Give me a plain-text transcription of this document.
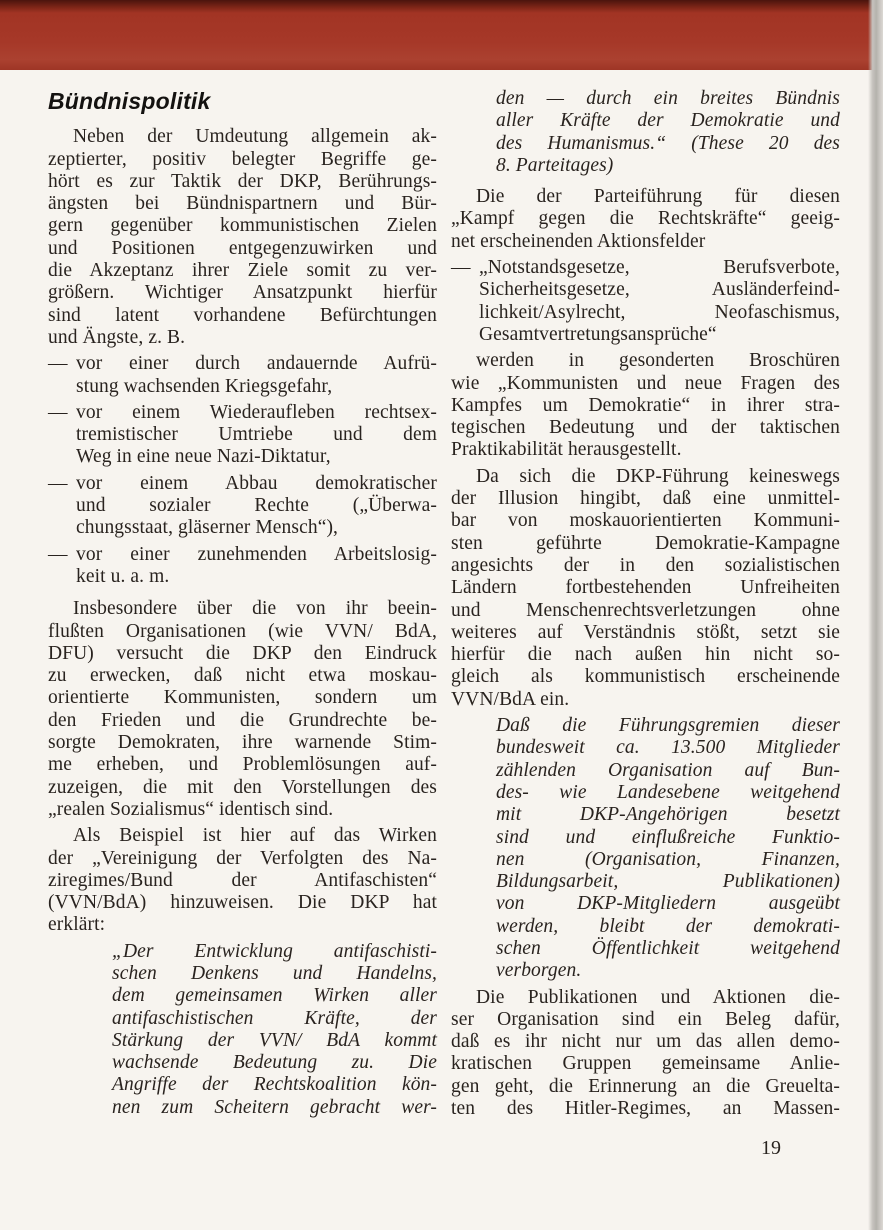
Bündnispolitik
Neben der Umdeutung allgemein ak-
zeptierter, positiv belegter Begriffe ge-
hört es zur Taktik der DKP, Berührungs-
ängsten bei Bündnispartnern und Bür-
gern gegenüber kommunistischen Zielen
und Positionen entgegenzuwirken und
die Akzeptanz ihrer Ziele somit zu ver-
größern. Wichtiger Ansatzpunkt hierfür
sind latent vorhandene Befürchtungen
und Ängste, z. B.
— vor einer durch andauernde Aufrü-
stung wachsenden Kriegsgefahr,
— vor einem Wiederaufleben rechtsex-
tremistischer Umtriebe und dem
Weg in eine neue Nazi-Diktatur,
— vor einem Abbau demokratischer
und sozialer Rechte („Überwa-
chungsstaat, gläserner Mensch“),
— vor einer zunehmenden Arbeitslosig-
keit u. a. m.
Insbesondere über die von ihr beein-
flußten Organisationen (wie VVN/ BdA,
DFU) versucht die DKP den Eindruck
zu erwecken, daß nicht etwa moskau-
orientierte Kommunisten, sondern um
den Frieden und die Grundrechte be-
sorgte Demokraten, ihre warnende Stim-
me erheben, und Problemlösungen auf-
zuzeigen, die mit den Vorstellungen des
„realen Sozialismus“ identisch sind.
Als Beispiel ist hier auf das Wirken
der „Vereinigung der Verfolgten des Na-
ziregimes/Bund der Antifaschisten“
(VVN/BdA) hinzuweisen. Die DKP hat
erklärt:
„Der Entwicklung antifaschisti-
schen Denkens und Handelns,
dem gemeinsamen Wirken aller
antifaschistischen Kräfte, der
Stärkung der VVN/ BdA kommt
wachsende Bedeutung zu. Die
Angriffe der Rechtskoalition kön-
nen zum Scheitern gebracht wer-
den — durch ein breites Bündnis
aller Kräfte der Demokratie und
des Humanismus.“ (These 20 des
8. Parteitages)
Die der Parteiführung für diesen
„Kampf gegen die Rechtskräfte“ geeig-
net erscheinenden Aktionsfelder
— „Notstandsgesetze, Berufsverbote,
Sicherheitsgesetze, Ausländerfeind-
lichkeit/Asylrecht, Neofaschismus,
Gesamtvertretungsansprüche“
werden in gesonderten Broschüren
wie „Kommunisten und neue Fragen des
Kampfes um Demokratie“ in ihrer stra-
tegischen Bedeutung und der taktischen
Praktikabilität herausgestellt.
Da sich die DKP-Führung keineswegs
der Illusion hingibt, daß eine unmittel-
bar von moskauorientierten Kommuni-
sten geführte Demokratie-Kampagne
angesichts der in den sozialistischen
Ländern fortbestehenden Unfreiheiten
und Menschenrechtsverletzungen ohne
weiteres auf Verständnis stößt, setzt sie
hierfür die nach außen hin nicht so-
gleich als kommunistisch erscheinende
VVN/BdA ein.
Daß die Führungsgremien dieser
bundesweit ca. 13.500 Mitglieder
zählenden Organisation auf Bun-
des- wie Landesebene weitgehend
mit DKP-Angehörigen besetzt
sind und einflußreiche Funktio-
nen (Organisation, Finanzen,
Bildungsarbeit, Publikationen)
von DKP-Mitgliedern ausgeübt
werden, bleibt der demokrati-
schen Öffentlichkeit weitgehend
verborgen.
Die Publikationen und Aktionen die-
ser Organisation sind ein Beleg dafür,
daß es ihr nicht nur um das allen demo-
kratischen Gruppen gemeinsame Anlie-
gen geht, die Erinnerung an die Greuelta-
ten des Hitler-Regimes, an Massen-
19
